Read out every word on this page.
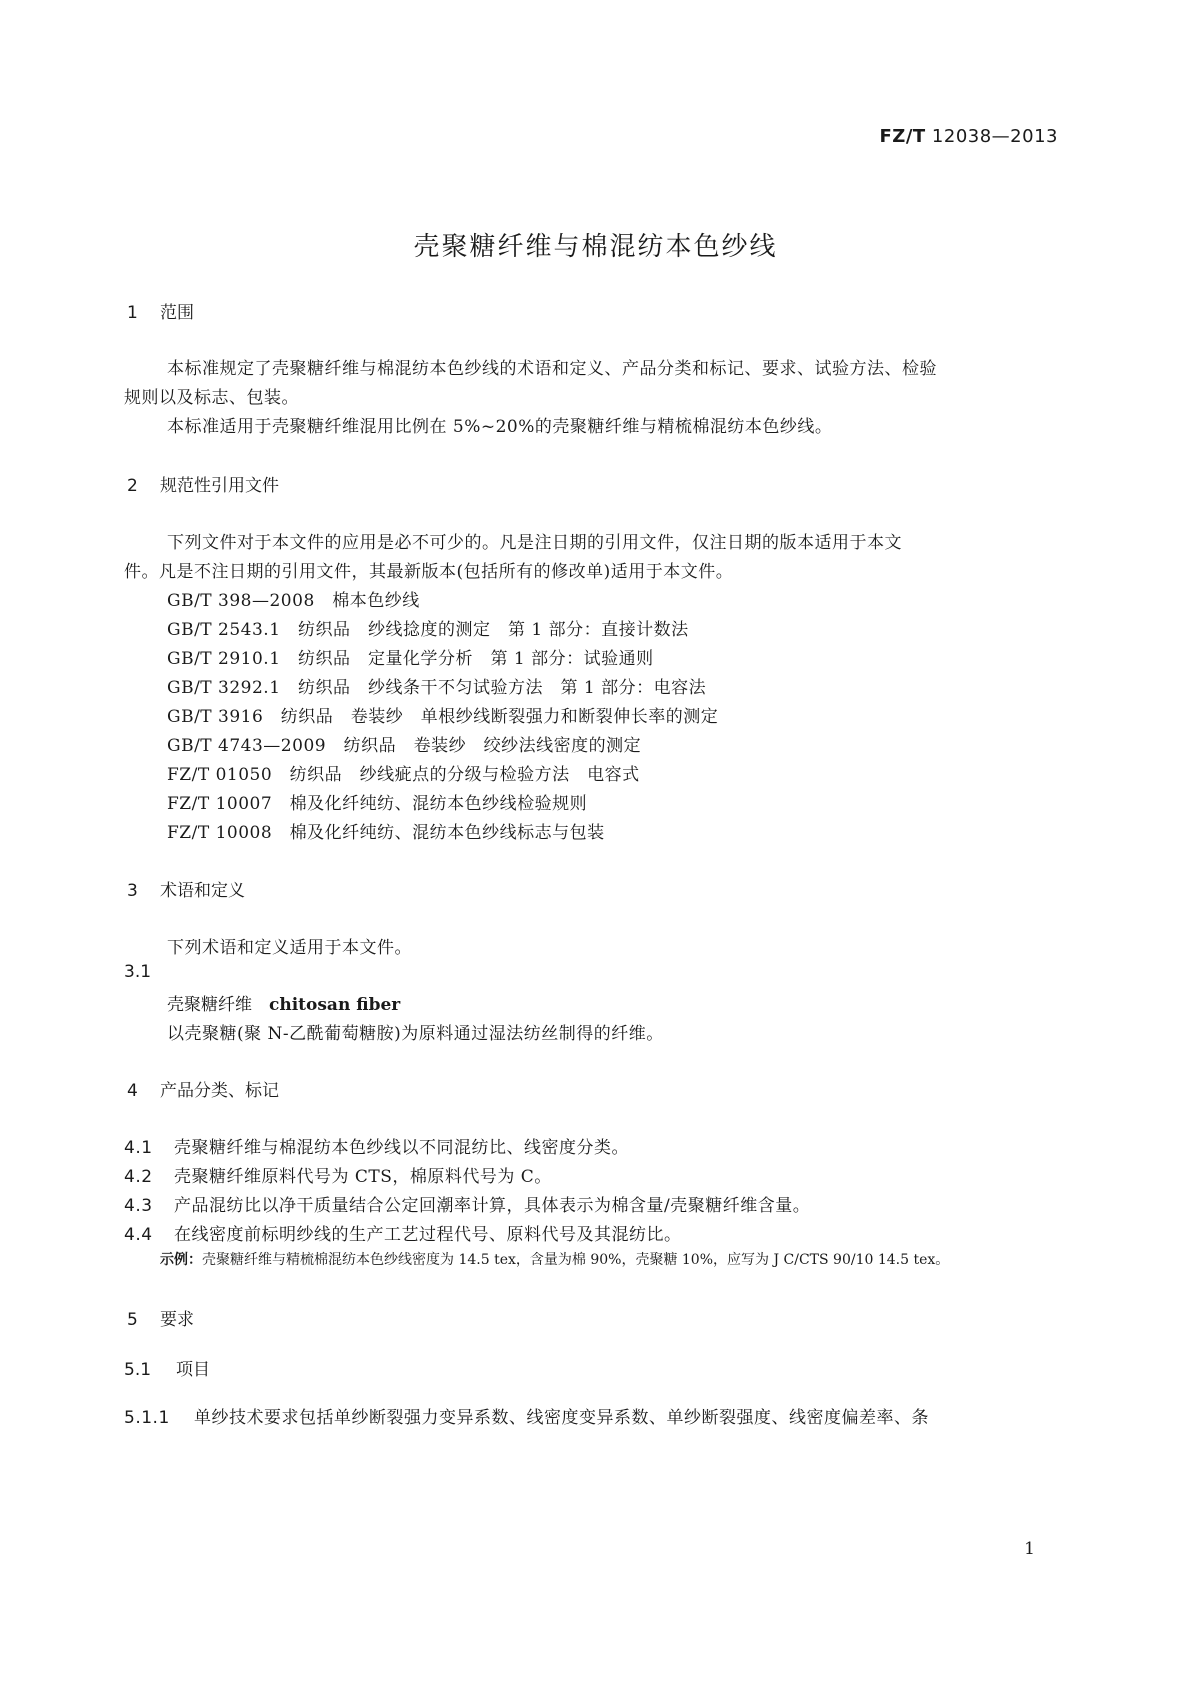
FZ/T 12038—2013
壳聚糖纤维与棉混纺本色纱线
1 范围
本标准规定了壳聚糖纤维与棉混纺本色纱线的术语和定义、产品分类和标记、要求、试验方法、检验
规则以及标志、包装。
本标准适用于壳聚糖纤维混用比例在 5%~20%的壳聚糖纤维与精梳棉混纺本色纱线。
2 规范性引用文件
下列文件对于本文件的应用是必不可少的。凡是注日期的引用文件，仅注日期的版本适用于本文
件。凡是不注日期的引用文件，其最新版本(包括所有的修改单)适用于本文件。
GB/T 398—2008　棉本色纱线
GB/T 2543.1　纺织品　纱线捻度的测定　第 1 部分：直接计数法
GB/T 2910.1　纺织品　定量化学分析　第 1 部分：试验通则
GB/T 3292.1　纺织品　纱线条干不匀试验方法　第 1 部分：电容法
GB/T 3916　纺织品　卷装纱　单根纱线断裂强力和断裂伸长率的测定
GB/T 4743—2009　纺织品　卷装纱　绞纱法线密度的测定
FZ/T 01050　纺织品　纱线疵点的分级与检验方法　电容式
FZ/T 10007　棉及化纤纯纺、混纺本色纱线检验规则
FZ/T 10008　棉及化纤纯纺、混纺本色纱线标志与包装
3 术语和定义
下列术语和定义适用于本文件。
3.1
壳聚糖纤维　 chitosan fiber
以壳聚糖(聚 N-乙酰葡萄糖胺)为原料通过湿法纺丝制得的纤维。
4 产品分类、标记
4.1 壳聚糖纤维与棉混纺本色纱线以不同混纺比、线密度分类。
4.2 壳聚糖纤维原料代号为 CTS，棉原料代号为 C。
4.3 产品混纺比以净干质量结合公定回潮率计算，具体表示为棉含量/壳聚糖纤维含量。
4.4 在线密度前标明纱线的生产工艺过程代号、原料代号及其混纺比。
示例：壳聚糖纤维与精梳棉混纺本色纱线密度为 14.5 tex，含量为棉 90%，壳聚糖 10%，应写为 J C/CTS 90/10 14.5 tex。
5 要求
5.1 项目
5.1.1 单纱技术要求包括单纱断裂强力变异系数、线密度变异系数、单纱断裂强度、线密度偏差率、条
1
